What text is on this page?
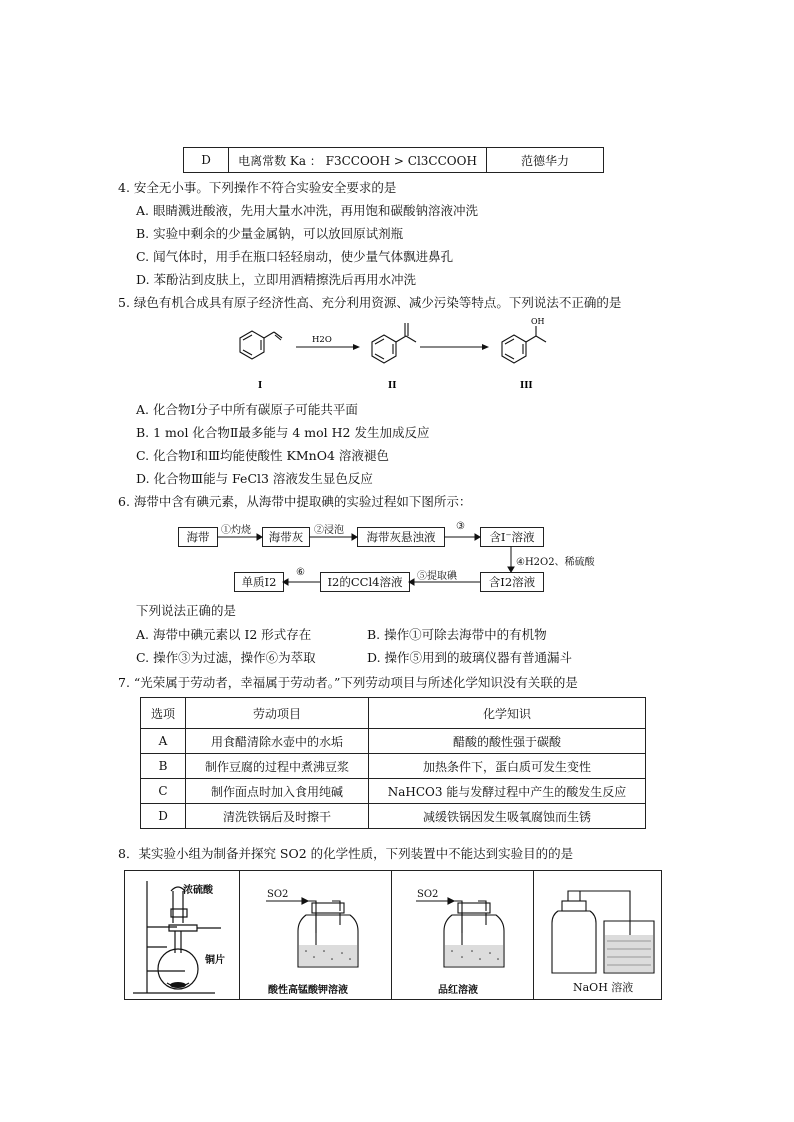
D	电离常数 Ka ： F3CCOOH > Cl3CCOOH	范德华力
4. 安全无小事。下列操作不符合实验安全要求的是
A. 眼睛溅进酸液，先用大量水冲洗，再用饱和碳酸钠溶液冲洗
B. 实验中剩余的少量金属钠，可以放回原试剂瓶
C. 闻气体时，用手在瓶口轻轻扇动，使少量气体飘进鼻孔
D. 苯酚沾到皮肤上，立即用酒精擦洗后再用水冲洗
5. 绿色有机合成具有原子经济性高、充分利用资源、减少污染等特点。下列说法不正确的是
H2O
OH
I	II	III
A. 化合物Ⅰ分子中所有碳原子可能共平面
B. 1 mol 化合物Ⅱ最多能与 4 mol H2 发生加成反应
C. 化合物Ⅰ和Ⅲ均能使酸性 KMnO4 溶液褪色
D. 化合物Ⅲ能与 FeCl3 溶液发生显色反应
6. 海带中含有碘元素，从海带中提取碘的实验过程如下图所示：
海带	海带灰	海带灰悬浊液	含I⁻溶液
含I2溶液
I2的CCl4溶液
单质I2
①灼烧	②浸泡	③
④H2O2、稀硫酸
⑤提取碘
⑥
下列说法正确的是
A. 海带中碘元素以 I2 形式存在	B. 操作①可除去海带中的有机物
C. 操作③为过滤，操作⑥为萃取	D. 操作⑤用到的玻璃仪器有普通漏斗
7. “光荣属于劳动者，幸福属于劳动者。”下列劳动项目与所述化学知识没有关联的是
选项	劳动项目	化学知识
A	用食醋清除水壶中的水垢	醋酸的酸性强于碳酸
B	制作豆腐的过程中煮沸豆浆	加热条件下，蛋白质可发生变性
C	制作面点时加入食用纯碱	NaHCO3 能与发酵过程中产生的酸发生反应
D	清洗铁锅后及时擦干	减缓铁锅因发生吸氧腐蚀而生锈
8．某实验小组为制备并探究 SO2 的化学性质，下列装置中不能达到实验目的的是
浓硫酸
铜片
SO2
酸性高锰酸钾溶液
SO2
品红溶液	NaOH 溶液
